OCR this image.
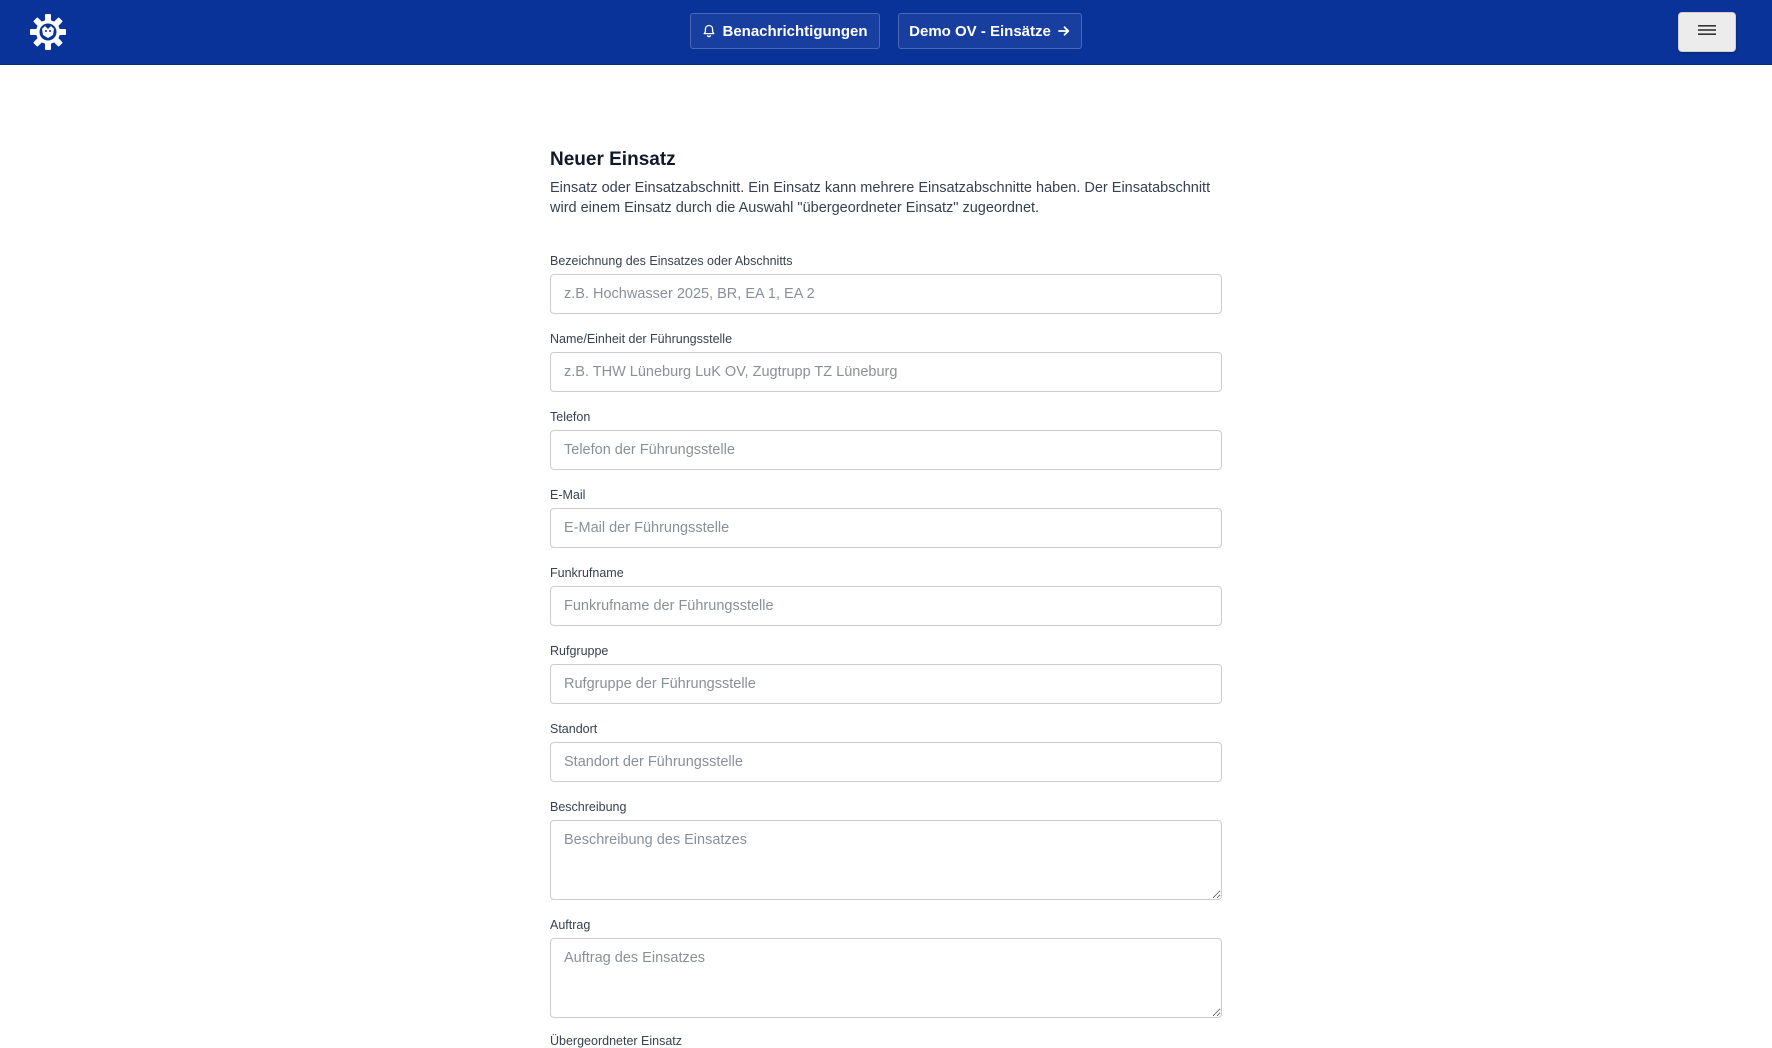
Benachrichtigungen	Demo OV - Einsätze
Neuer Einsatz

Einsatz oder Einsatzabschnitt. Ein Einsatz kann mehrere Einsatzabschnitte haben. Der Einsatabschnitt wird einem Einsatz durch die Auswahl "übergeordneter Einsatz" zugeordnet.

Bezeichnung des Einsatzes oder Abschnitts
z.B. Hochwasser 2025, BR, EA 1, EA 2
Name/Einheit der Führungsstelle
z.B. THW Lüneburg LuK OV, Zugtrupp TZ Lüneburg
Telefon
Telefon der Führungsstelle
E-Mail
E-Mail der Führungsstelle
Funkrufname
Funkrufname der Führungsstelle
Rufgruppe
Rufgruppe der Führungsstelle
Standort
Standort der Führungsstelle
Beschreibung
Beschreibung des Einsatzes
Auftrag
Auftrag des Einsatzes
Übergeordneter Einsatz
